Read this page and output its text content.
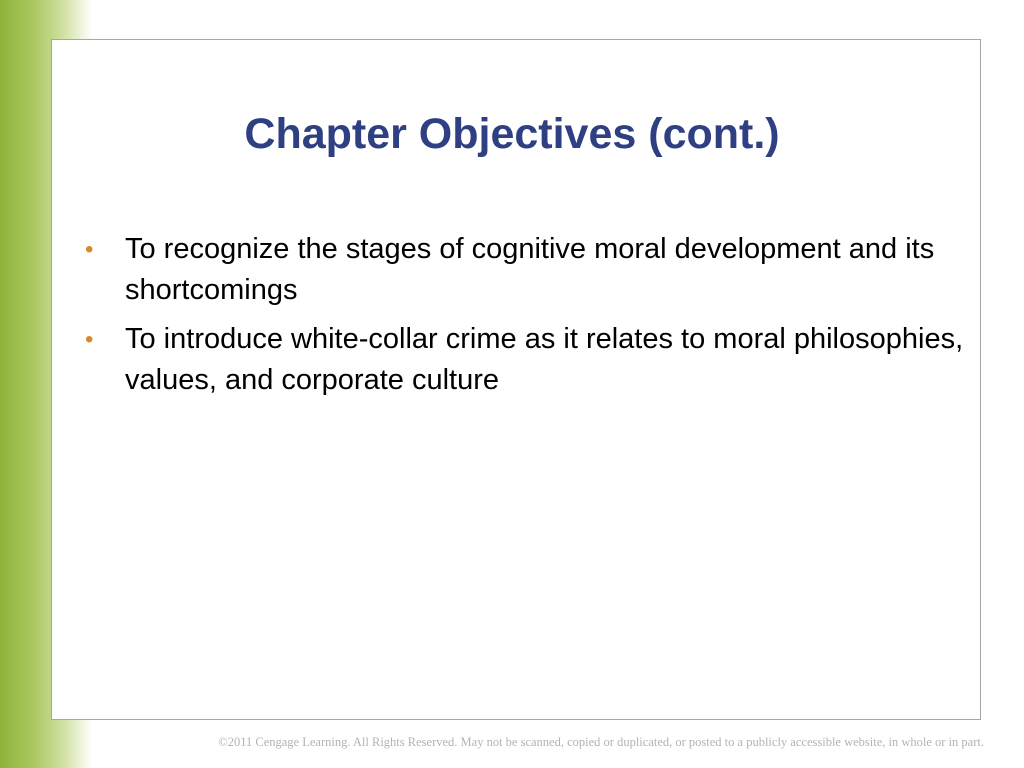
Chapter Objectives (cont.)
• To recognize the stages of cognitive moral development and its shortcomings
• To introduce white-collar crime as it relates to moral philosophies, values, and corporate culture
©2011 Cengage Learning. All Rights Reserved. May not be scanned, copied or duplicated, or posted to a publicly accessible website, in whole or in part.
